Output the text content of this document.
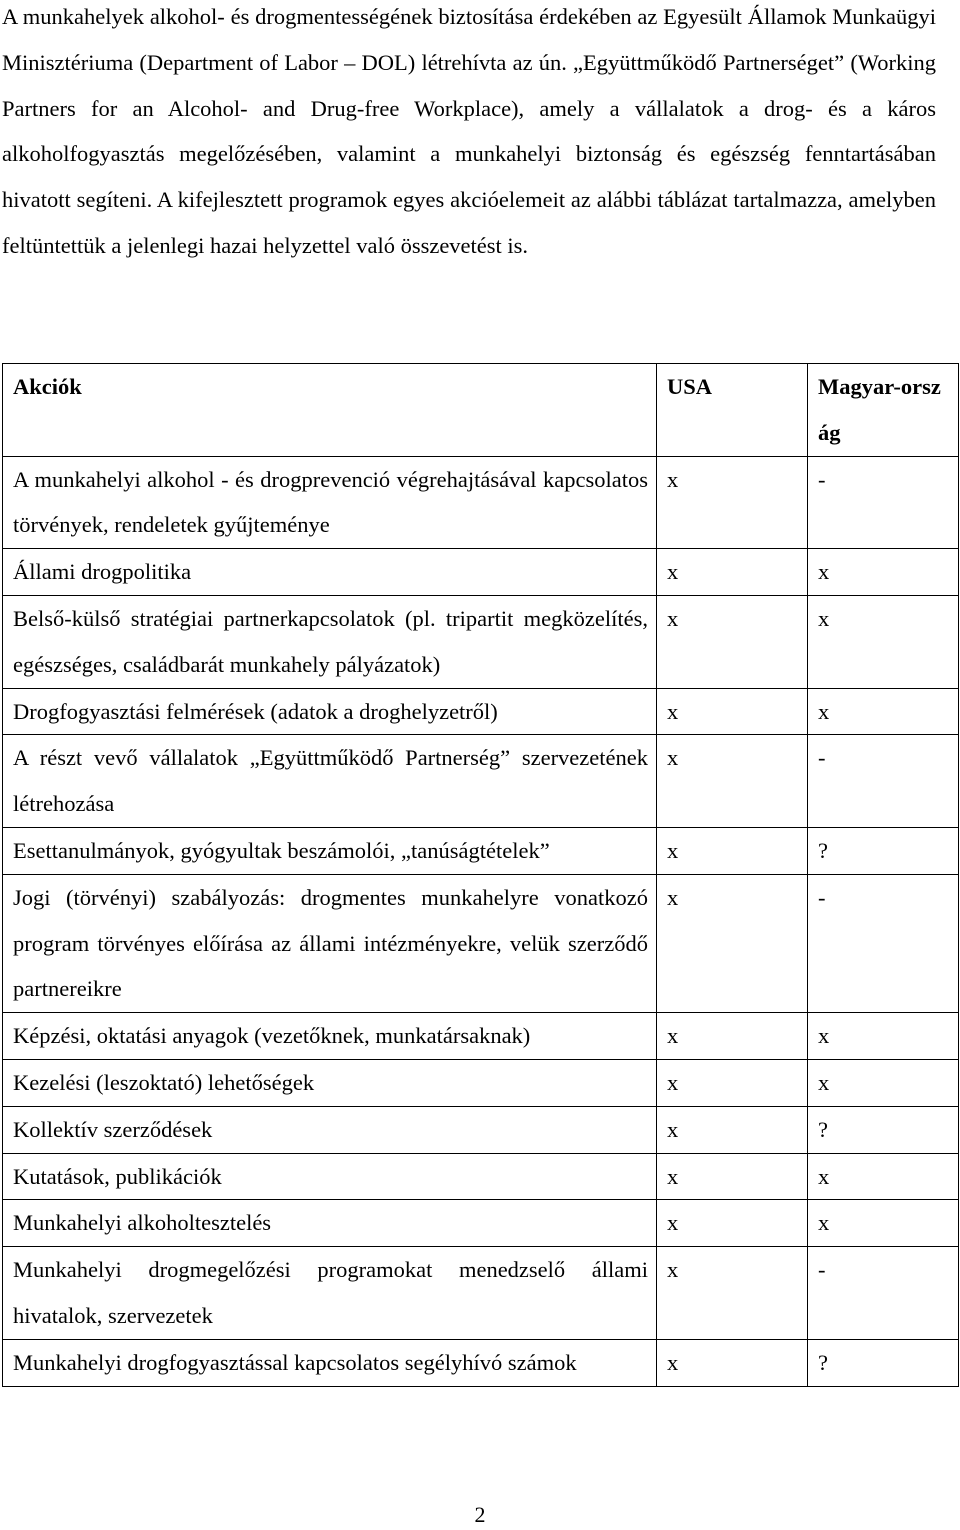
A munkahelyek alkohol- és drogmentességének biztosítása érdekében az Egyesült Államok Munkaügyi Minisztériuma (Department of Labor – DOL) létrehívta az ún. „Együttműködő Partnerséget” (Working Partners for an Alcohol- and Drug-free Workplace), amely a vállalatok a drog- és a káros alkoholfogyasztás megelőzésében, valamint a munkahelyi biztonság és egészség fenntartásában hivatott segíteni. A kifejlesztett programok egyes akcióelemeit az alábbi táblázat tartalmazza, amelyben feltüntettük a jelenlegi hazai helyzettel való összevetést is.

Akciók	USA	Magyar-ország
A munkahelyi alkohol - és drogprevenció végrehajtásával kapcsolatos törvények, rendeletek gyűjteménye	x	-
Állami drogpolitika	x	x
Belső-külső stratégiai partnerkapcsolatok (pl. tripartit megközelítés, egészséges, családbarát munkahely pályázatok)	x	x
Drogfogyasztási felmérések (adatok a droghelyzetről)	x	x
A részt vevő vállalatok „Együttműködő Partnerség” szervezetének létrehozása	x	-
Esettanulmányok, gyógyultak beszámolói, „tanúságtételek”	x	?
Jogi (törvényi) szabályozás: drogmentes munkahelyre vonatkozó program törvényes előírása az állami intézményekre, velük szerződő partnereikre	x	-
Képzési, oktatási anyagok (vezetőknek, munkatársaknak)	x	x
Kezelési (leszoktató) lehetőségek	x	x
Kollektív szerződések	x	?
Kutatások, publikációk	x	x
Munkahelyi alkoholtesztelés	x	x
Munkahelyi drogmegelőzési programokat menedzselő állami hivatalok, szervezetek	x	-
Munkahelyi drogfogyasztással kapcsolatos segélyhívó számok	x	?
2
